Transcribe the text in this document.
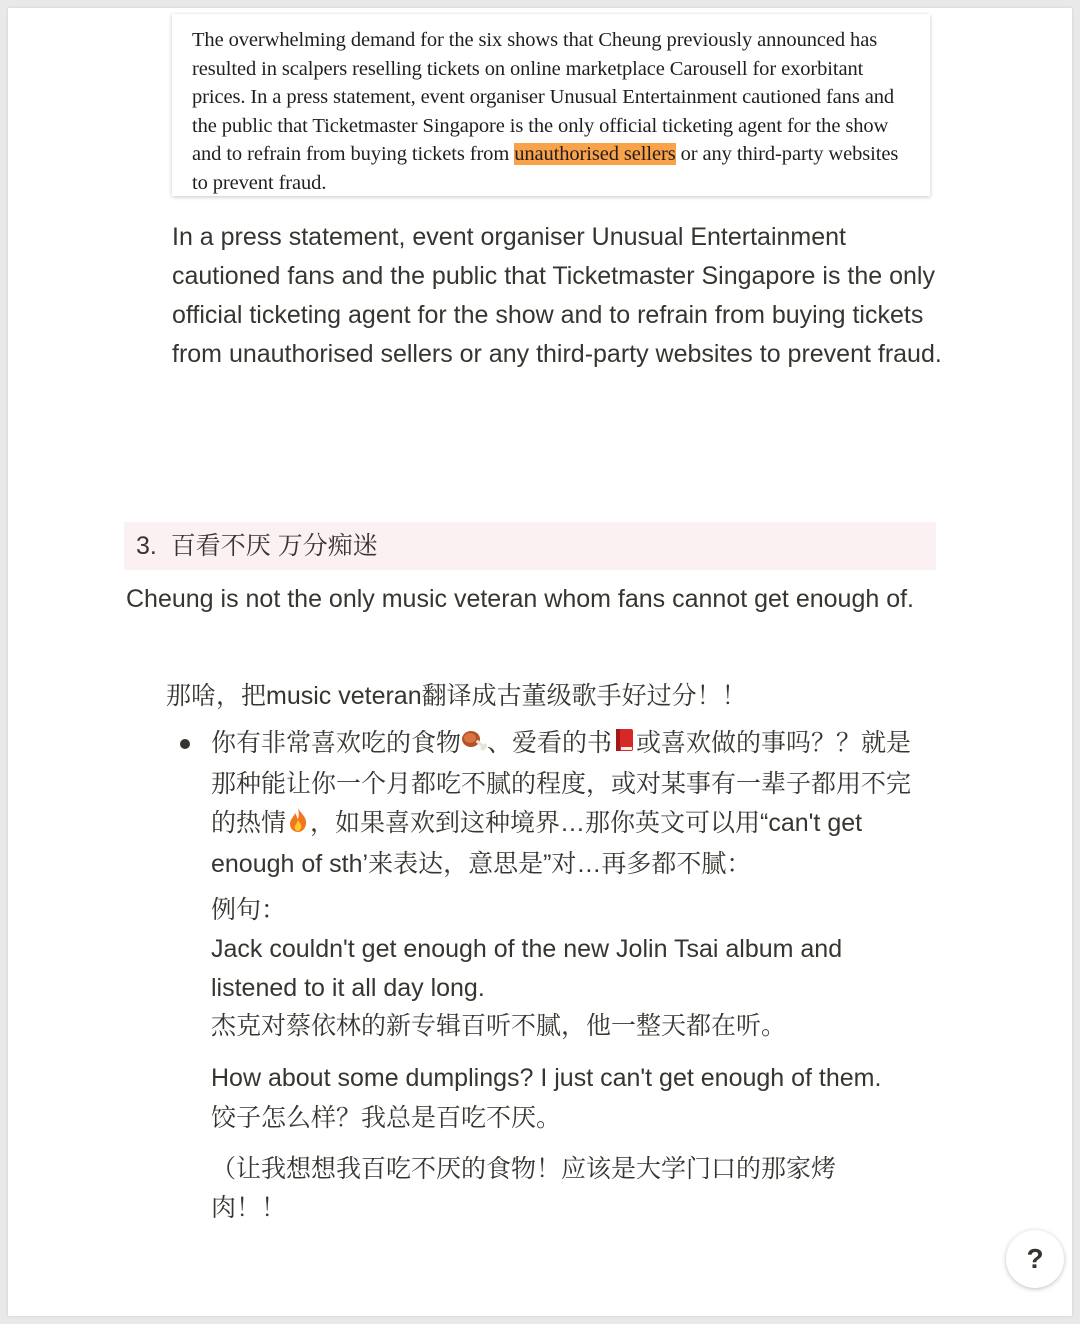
The overwhelming demand for the six shows that Cheung previously announced has resulted in scalpers reselling tickets on online marketplace Carousell for exorbitant prices. In a press statement, event organiser Unusual Entertainment cautioned fans and the public that Ticketmaster Singapore is the only official ticketing agent for the show and to refrain from buying tickets from unauthorised sellers or any third-party websites to prevent fraud.
In a press statement, event organiser Unusual Entertainment cautioned fans and the public that Ticketmaster Singapore is the only official ticketing agent for the show and to refrain from buying tickets from unauthorised sellers or any third-party websites to prevent fraud.
3. 百看不厌 万分痴迷
Cheung is not the only music veteran whom fans cannot get enough of.
那啥，把music veteran翻译成古董级歌手好过分！！
你有非常喜欢吃的食物 、爱看的书 或喜欢做的事吗？？就是那种能让你一个月都吃不腻的程度，或对某事有一辈子都用不完的热情 ，如果喜欢到这种境界…那你英文可以用“can't get enough of sth’来表达，意思是”对…再多都不腻：
例句：
Jack couldn't get enough of the new Jolin Tsai album and listened to it all day long.
杰克对蔡依林的新专辑百听不腻，他一整天都在听。
How about some dumplings? I just can't get enough of them.
饺子怎么样？我总是百吃不厌。
（让我想想我百吃不厌的食物！应该是大学门口的那家烤肉！！
?
